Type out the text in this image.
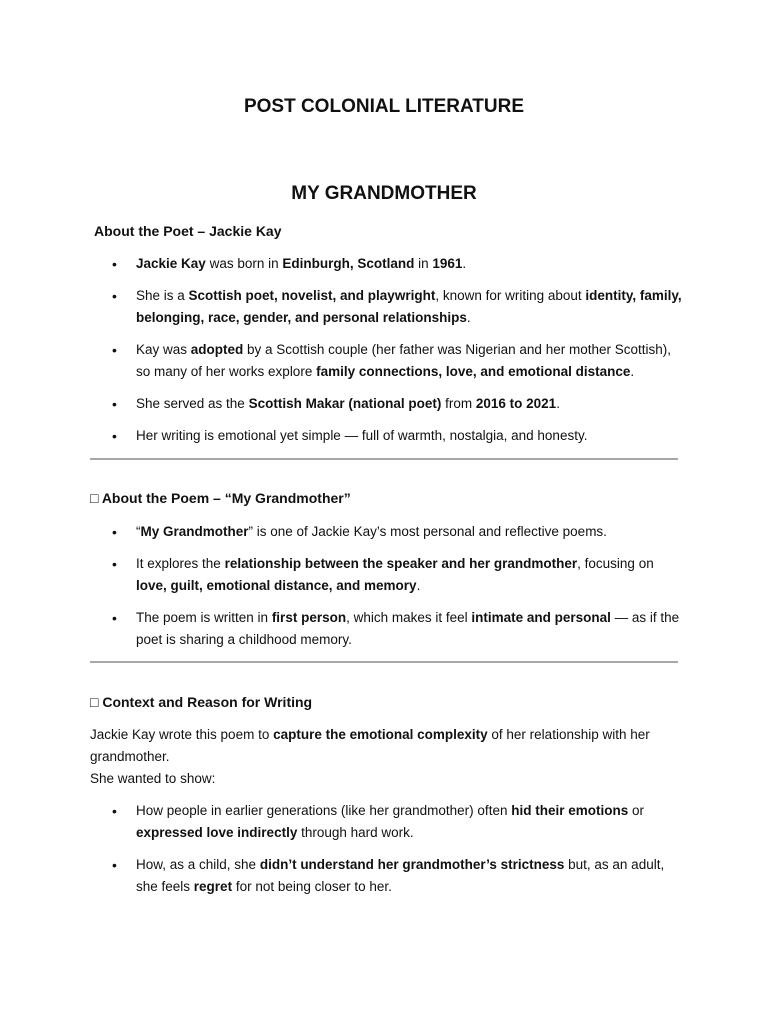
POST COLONIAL LITERATURE
MY GRANDMOTHER
About the Poet – Jackie Kay
• Jackie Kay was born in Edinburgh, Scotland in 1961.
• She is a Scottish poet, novelist, and playwright, known for writing about identity, family, belonging, race, gender, and personal relationships.
• Kay was adopted by a Scottish couple (her father was Nigerian and her mother Scottish), so many of her works explore family connections, love, and emotional distance.
• She served as the Scottish Makar (national poet) from 2016 to 2021.
• Her writing is emotional yet simple — full of warmth, nostalgia, and honesty.
□ About the Poem – “My Grandmother”
• “My Grandmother” is one of Jackie Kay’s most personal and reflective poems.
• It explores the relationship between the speaker and her grandmother, focusing on love, guilt, emotional distance, and memory.
• The poem is written in first person, which makes it feel intimate and personal — as if the poet is sharing a childhood memory.
□ Context and Reason for Writing

Jackie Kay wrote this poem to capture the emotional complexity of her relationship with her grandmother.

She wanted to show:

• How people in earlier generations (like her grandmother) often hid their emotions or expressed love indirectly through hard work.
• How, as a child, she didn’t understand her grandmother’s strictness but, as an adult, she feels regret for not being closer to her.
